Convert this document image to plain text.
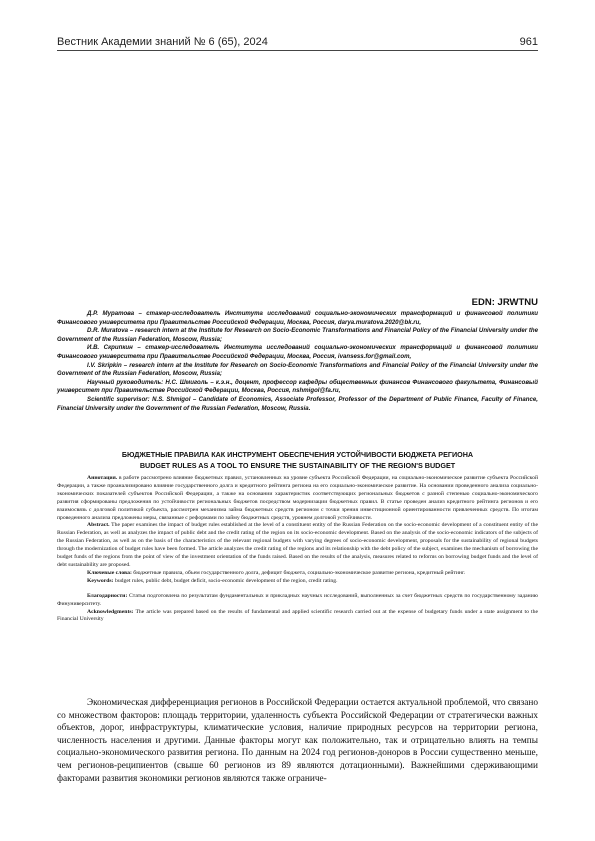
Вестник Академии знаний № 6 (65), 2024	961
EDN: JRWTNU

Д.Р. Муратова – стажер-исследователь Института исследований социально-экономических трансформаций и финансовой политики Финансового университета при Правительстве Российской Федерации, Москва, Россия, darya.muratova.2020@bk.ru,

D.R. Muratova – research intern at the Institute for Research on Socio-Economic Transformations and Financial Policy of the Financial University under the Government of the Russian Federation, Moscow, Russia;

И.В. Скрипкин – стажер-исследователь Института исследований социально-экономических трансформаций и финансовой политики Финансового университета при Правительстве Российской Федерации, Москва, Россия, ivansess.for@gmail.com,

I.V. Skripkin – research intern at the Institute for Research on Socio-Economic Transformations and Financial Policy of the Financial University under the Government of the Russian Federation, Moscow, Russia;

Научный руководитель: Н.С. Шмиголь – к.э.н., доцент, профессор кафедры общественных финансов Финансового факультета, Финансовый университет при Правительстве Российской Федерации, Москва, Россия, nshmigol@fa.ru,

Scientific supervisor: N.S. Shmigol – Candidate of Economics, Associate Professor, Professor of the Department of Public Finance, Faculty of Finance, Financial University under the Government of the Russian Federation, Moscow, Russia.

БЮДЖЕТНЫЕ ПРАВИЛА КАК ИНСТРУМЕНТ ОБЕСПЕЧЕНИЯ УСТОЙЧИВОСТИ БЮДЖЕТА РЕГИОНА
BUDGET RULES AS A TOOL TO ENSURE THE SUSTAINABILITY OF THE REGION'S BUDGET

Аннотация. в работе рассмотрено влияние бюджетных правил, установленных на уровне субъекта Российской Федерации, на социально-экономическое развитие субъекта Российской Федерации, а также проанализировано влияние государственного долга и кредитного рейтинга региона на его социально-экономическое развитие. На основании проведенного анализа социально-экономических показателей субъектов Российской Федерации, а также на основании характеристик соответствующих региональных бюджетов с разной степенью социально-экономического развития сформированы предложения по устойчивости региональных бюджетов посредством модернизации бюджетных правил. В статье проведен анализ кредитного рейтинга регионов и его взаимосвязь с долговой политикой субъекта, рассмотрен механизма займа бюджетных средств регионом с точки зрения инвестиционной ориентированности привлеченных средств. По итогам проведенного анализа предложены меры, связанные с реформами по займу бюджетных средств, уровнем долговой устойчивости.

Abstract. The paper examines the impact of budget rules established at the level of a constituent entity of the Russian Federation on the socio-economic development of a constituent entity of the Russian Federation, as well as analyzes the impact of public debt and the credit rating of the region on its socio-economic development. Based on the analysis of the socio-economic indicators of the subjects of the Russian Federation, as well as on the basis of the characteristics of the relevant regional budgets with varying degrees of socio-economic development, proposals for the sustainability of regional budgets through the modernization of budget rules have been formed. The article analyzes the credit rating of the regions and its relationship with the debt policy of the subject, examines the mechanism of borrowing the budget funds of the regions from the point of view of the investment orientation of the funds raised. Based on the results of the analysis, measures related to reforms on borrowing budget funds and the level of debt sustainability are proposed.

Ключевые слова: бюджетные правила, объем государственного долга, дефицит бюджета, социально-экономическое развитие региона, кредитный рейтинг.

Keywords: budget rules, public debt, budget deficit, socio-economic development of the region, credit rating.

Благодарности: Статья подготовлена по результатам фундаментальных и прикладных научных исследований, выполненных за счет бюджетных средств по государственному заданию Финуниверситету.

Acknowledgments: The article was prepared based on the results of fundamental and applied scientific research carried out at the expense of budgetary funds under a state assignment to the Financial University

Экономическая дифференциация регионов в Российской Федерации остается актуальной проблемой, что связано со множеством факторов: площадь территории, удаленность субъекта Российской Федерации от стратегически важных объектов, дорог, инфраструктуры, климатические условия, наличие природных ресурсов на территории региона, численность населения и другими. Данные факторы могут как положительно, так и отрицательно влиять на темпы социально-экономического развития региона. По данным на 2024 год регионов-доноров в России существенно меньше, чем регионов-реципиентов (свыше 60 регионов из 89 являются дотационными). Важнейшими сдерживающими факторами развития экономики регионов являются также ограниче-
